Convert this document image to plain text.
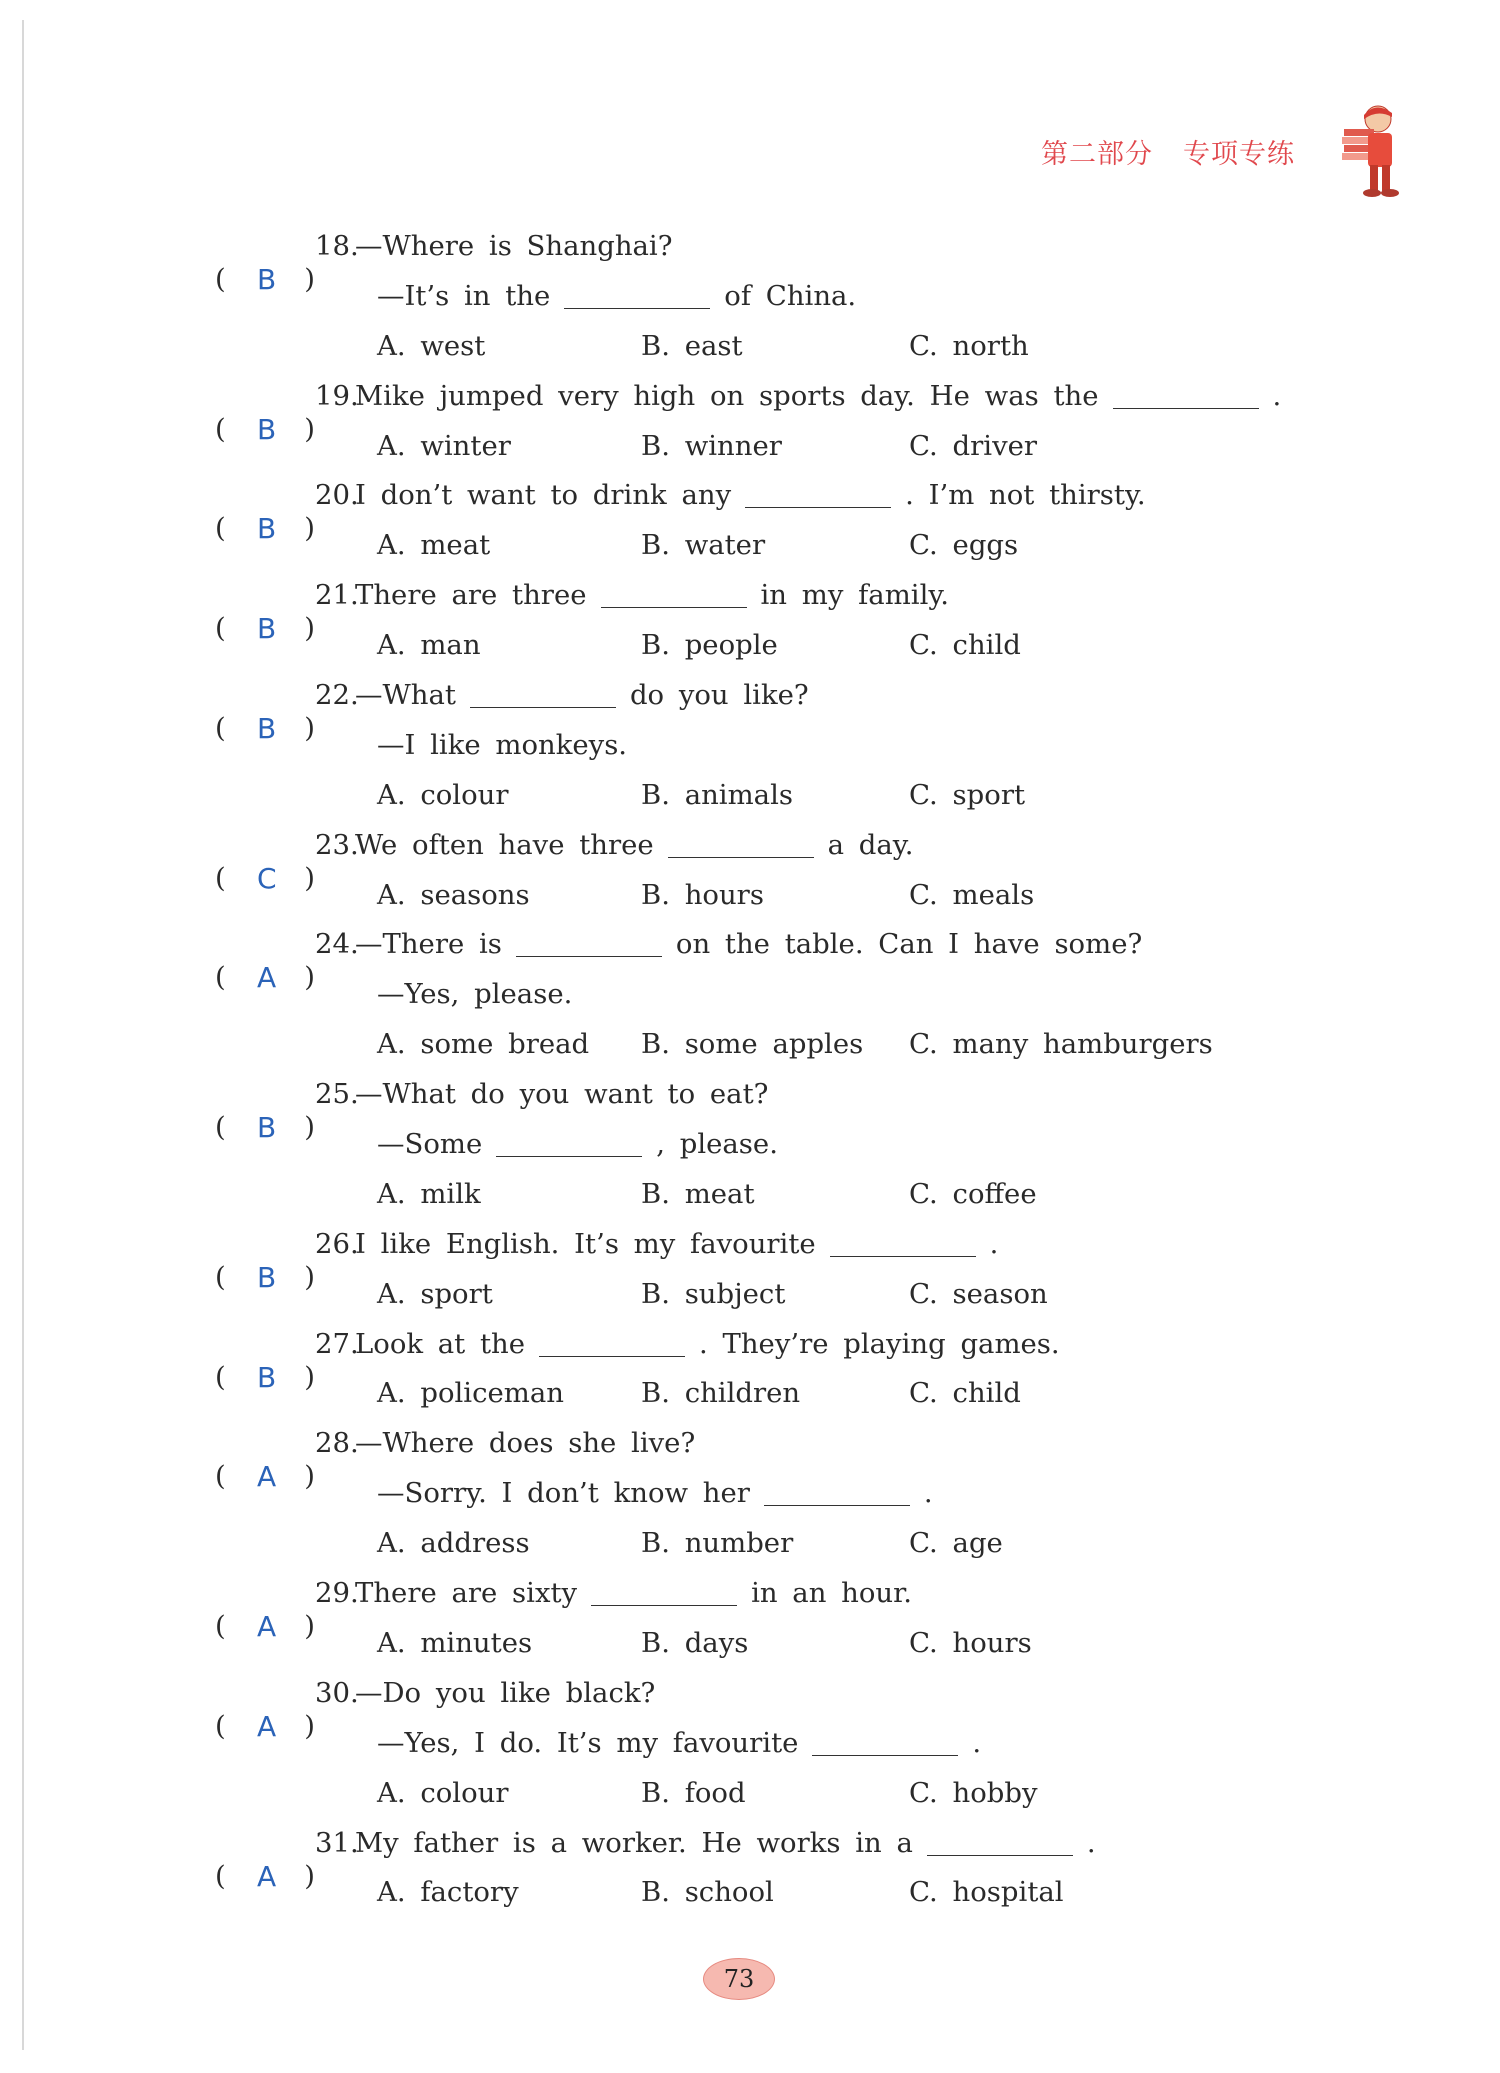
第二部分 专项专练
( B )
18.—Where is Shanghai?
—It’s in the	of China.
A. west	B. east	C. north
( B )
19.Mike jumped very high on sports day. He was the	.
A. winter	B. winner	C. driver
( B )
20.I don’t want to drink any	. I’m not thirsty.
A. meat	B. water	C. eggs
( B )
21.There are three	in my family.
A. man	B. people	C. child
( B )
22.—What	do you like?
—I like monkeys.
A. colour	B. animals	C. sport
( C )
23.We often have three	a day.
A. seasons	B. hours	C. meals
( A )
24.—There is	on the table. Can I have some?
—Yes, please.
A. some bread B. some apples C. many hamburgers
( B )
25.—What do you want to eat?
—Some	, please.
A. milk	B. meat	C. coffee
( B )
26.I like English. It’s my favourite	.
A. sport	B. subject	C. season
( B )
27.Look at the	. They’re playing games.
A. policeman	B. children	C. child
( A )
28.—Where does she live?
—Sorry. I don’t know her	.
A. address	B. number	C. age
( A )
29.There are sixty	in an hour.
A. minutes	B. days	C. hours
( A )
30.—Do you like black?
—Yes, I do. It’s my favourite	.
A. colour	B. food	C. hobby
( A )
31.My father is a worker. He works in a	.
A. factory	B. school	C. hospital
73
